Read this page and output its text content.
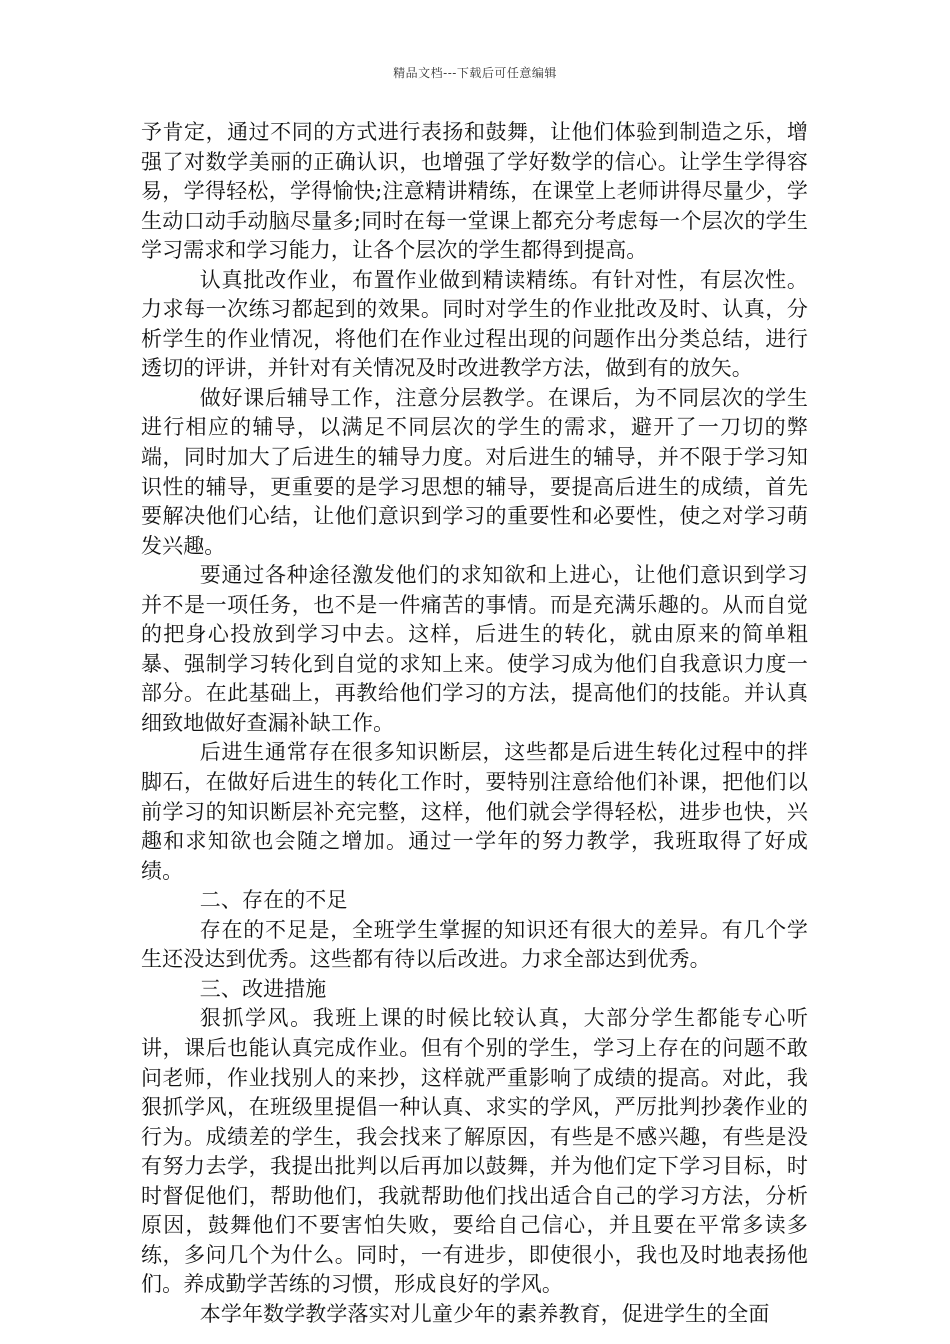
精品文档---下载后可任意编辑

予肯定，通过不同的方式进行表扬和鼓舞，让他们体验到制造之乐，增强了对数学美丽的正确认识，也增强了学好数学的信心。让学生学得容易，学得轻松，学得愉快;注意精讲精练，在课堂上老师讲得尽量少，学生动口动手动脑尽量多;同时在每一堂课上都充分考虑每一个层次的学生学习需求和学习能力，让各个层次的学生都得到提高。

认真批改作业，布置作业做到精读精练。有针对性，有层次性。力求每一次练习都起到的效果。同时对学生的作业批改及时、认真，分析学生的作业情况，将他们在作业过程出现的问题作出分类总结，进行透切的评讲，并针对有关情况及时改进教学方法，做到有的放矢。

做好课后辅导工作，注意分层教学。在课后，为不同层次的学生进行相应的辅导，以满足不同层次的学生的需求，避开了一刀切的弊端，同时加大了后进生的辅导力度。对后进生的辅导，并不限于学习知识性的辅导，更重要的是学习思想的辅导，要提高后进生的成绩，首先要解决他们心结，让他们意识到学习的重要性和必要性，使之对学习萌发兴趣。

要通过各种途径激发他们的求知欲和上进心，让他们意识到学习并不是一项任务，也不是一件痛苦的事情。而是充满乐趣的。从而自觉的把身心投放到学习中去。这样，后进生的转化，就由原来的简单粗暴、强制学习转化到自觉的求知上来。使学习成为他们自我意识力度一部分。在此基础上，再教给他们学习的方法，提高他们的技能。并认真细致地做好查漏补缺工作。

后进生通常存在很多知识断层，这些都是后进生转化过程中的拌脚石，在做好后进生的转化工作时，要特别注意给他们补课，把他们以前学习的知识断层补充完整，这样，他们就会学得轻松，进步也快，兴趣和求知欲也会随之增加。通过一学年的努力教学，我班取得了好成绩。

二、存在的不足

存在的不足是，全班学生掌握的知识还有很大的差异。有几个学生还没达到优秀。这些都有待以后改进。力求全部达到优秀。

三、改进措施

狠抓学风。我班上课的时候比较认真，大部分学生都能专心听讲，课后也能认真完成作业。但有个别的学生，学习上存在的问题不敢问老师，作业找别人的来抄，这样就严重影响了成绩的提高。对此，我狠抓学风，在班级里提倡一种认真、求实的学风，严厉批判抄袭作业的行为。成绩差的学生，我会找来了解原因，有些是不感兴趣，有些是没有努力去学，我提出批判以后再加以鼓舞，并为他们定下学习目标，时时督促他们，帮助他们，我就帮助他们找出适合自己的学习方法，分析原因，鼓舞他们不要害怕失败，要给自己信心，并且要在平常多读多练，多问几个为什么。同时，一有进步，即使很小，我也及时地表扬他们。养成勤学苦练的习惯，形成良好的学风。

本学年数学教学落实对儿童少年的素养教育，促进学生的全面
